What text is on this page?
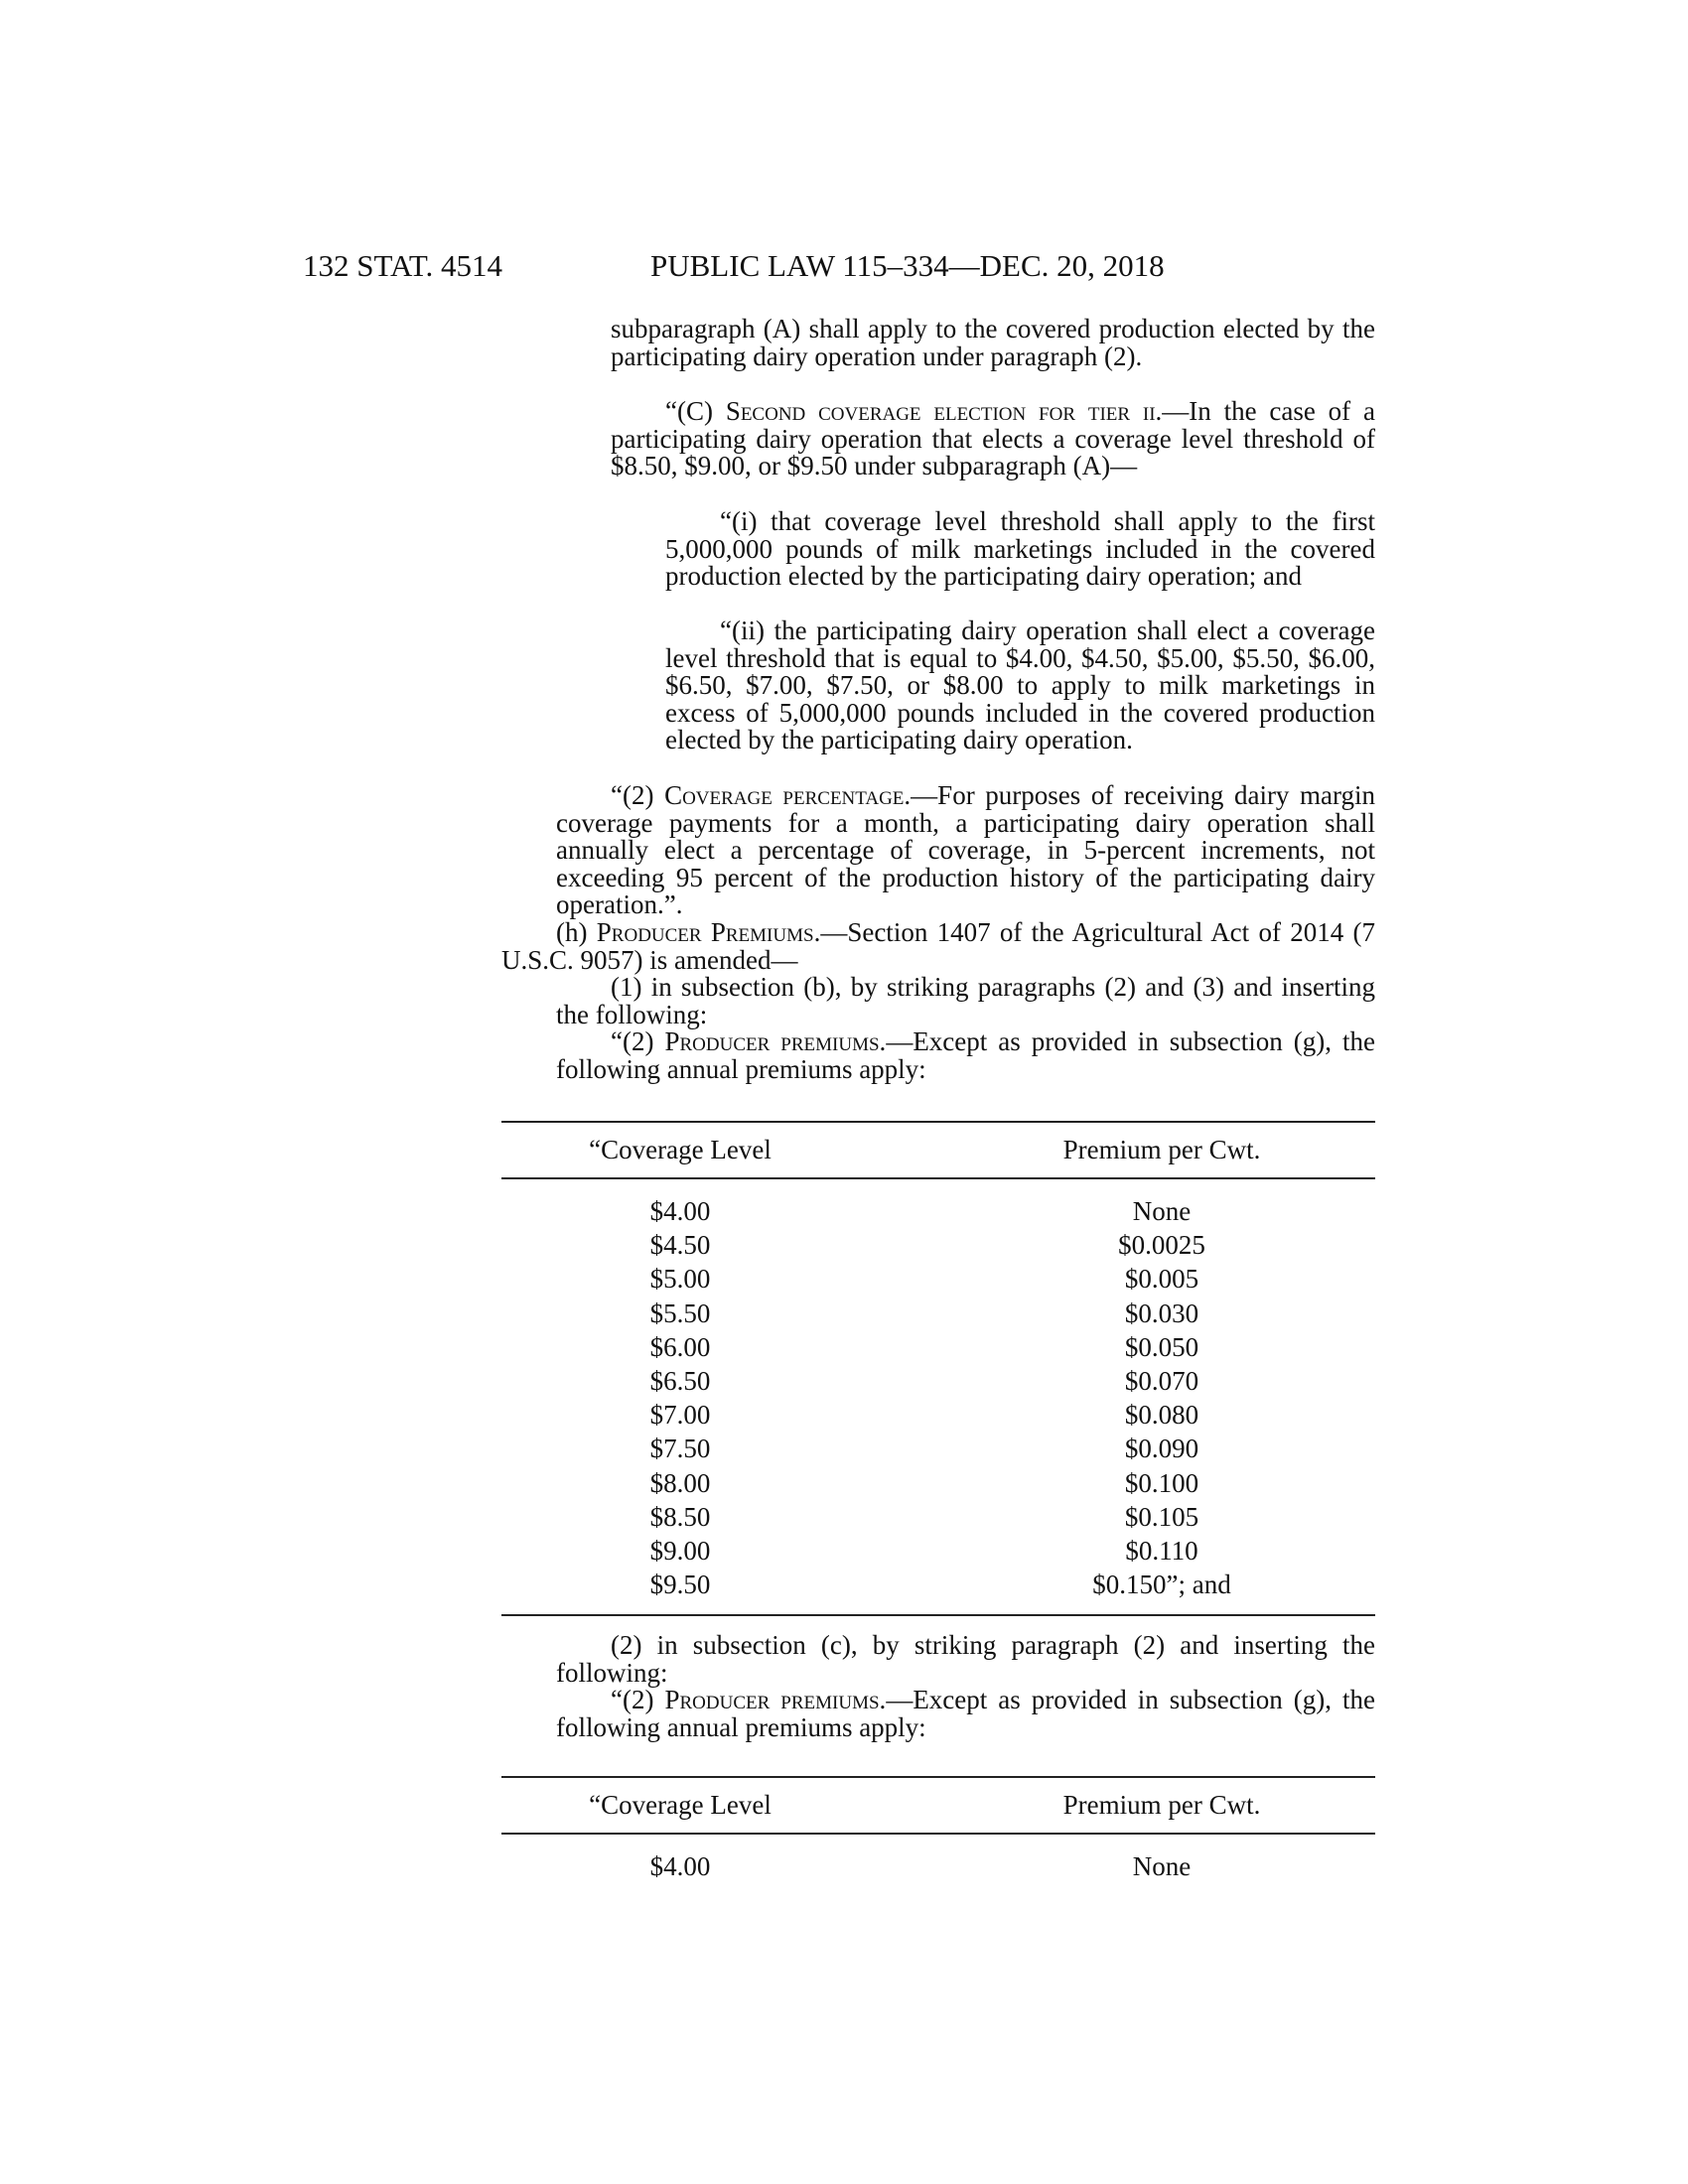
132 STAT. 4514	PUBLIC LAW 115–334—DEC. 20, 2018

subparagraph (A) shall apply to the covered production elected by the participating dairy operation under paragraph (2).

“(C) Second coverage election for tier ii.—In the case of a participating dairy operation that elects a coverage level threshold of $8.50, $9.00, or $9.50 under subparagraph (A)—

“(i) that coverage level threshold shall apply to the first 5,000,000 pounds of milk marketings included in the covered production elected by the participating dairy operation; and

“(ii) the participating dairy operation shall elect a coverage level threshold that is equal to $4.00, $4.50, $5.00, $5.50, $6.00, $6.50, $7.00, $7.50, or $8.00 to apply to milk marketings in excess of 5,000,000 pounds included in the covered production elected by the participating dairy operation.

“(2) Coverage percentage.—For purposes of receiving dairy margin coverage payments for a month, a participating dairy operation shall annually elect a percentage of coverage, in 5-percent increments, not exceeding 95 percent of the production history of the participating dairy operation.”.

(h) Producer Premiums.—Section 1407 of the Agricultural Act of 2014 (7 U.S.C. 9057) is amended—

(1) in subsection (b), by striking paragraphs (2) and (3) and inserting the following:

“(2) Producer premiums.—Except as provided in subsection (g), the following annual premiums apply:

“Coverage Level	Premium per Cwt.
$4.00	None
$4.50	$0.0025
$5.00	$0.005
$5.50	$0.030
$6.00	$0.050
$6.50	$0.070
$7.00	$0.080
$7.50	$0.090
$8.00	$0.100
$8.50	$0.105
$9.00	$0.110
$9.50	$0.150”; and

(2) in subsection (c), by striking paragraph (2) and inserting the following:

“(2) Producer premiums.—Except as provided in subsection (g), the following annual premiums apply:

“Coverage Level	Premium per Cwt.
$4.00	None
